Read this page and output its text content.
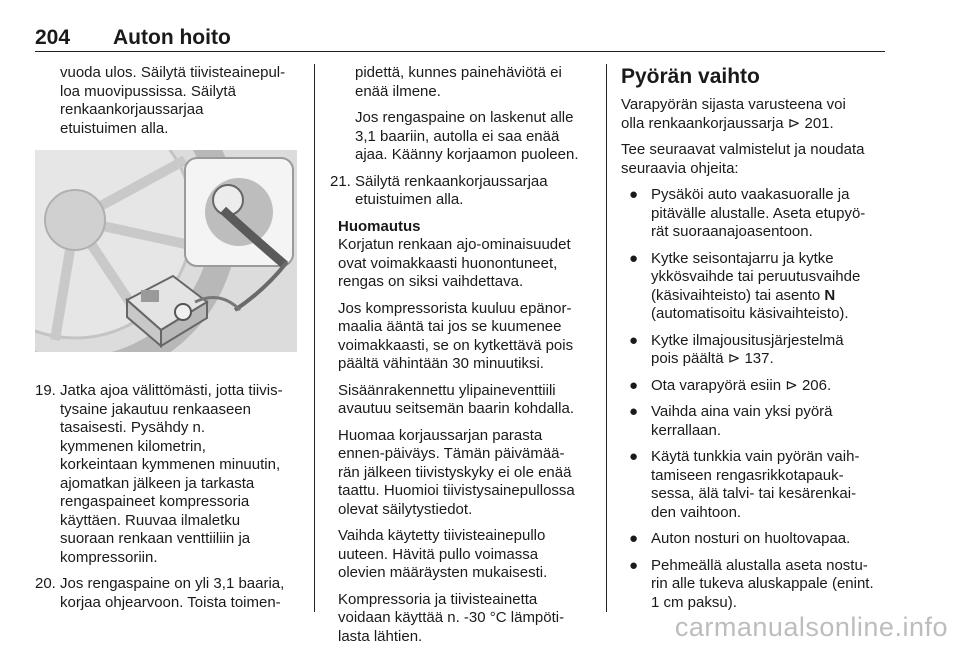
204 Auton hoito
vuoda ulos. Säilytä tiivisteainepul-
loa muovipussissa. Säilytä
renkaankorjaussarjaa
etuistuimen alla.
19. Jatka ajoa välittömästi, jotta tiivis-
tysaine jakautuu renkaaseen
tasaisesti. Pysähdy n.
kymmenen kilometrin,
korkeintaan kymmenen minuutin,
ajomatkan jälkeen ja tarkasta
rengaspaineet kompressoria
käyttäen. Ruuvaa ilmaletku
suoraan renkaan venttiiliin ja
kompressoriin.
20. Jos rengaspaine on yli 3,1 baaria,
korjaa ohjearvoon. Toista toimen-
pidettä, kunnes painehäviötä ei
enää ilmene.
Jos rengaspaine on laskenut alle
3,1 baariin, autolla ei saa enää
ajaa. Käänny korjaamon puoleen.
21. Säilytä renkaankorjaussarjaa
etuistuimen alla.
Huomautus

Korjatun renkaan ajo-ominaisuudet
ovat voimakkaasti huonontuneet,
rengas on siksi vaihdettava.

Jos kompressorista kuuluu epänor-
maalia ääntä tai jos se kuumenee
voimakkaasti, se on kytkettävä pois
päältä vähintään 30 minuutiksi.

Sisäänrakennettu ylipaineventtiili
avautuu seitsemän baarin kohdalla.

Huomaa korjaussarjan parasta
ennen-päiväys. Tämän päivämää-
rän jälkeen tiivistyskyky ei ole enää
taattu. Huomioi tiivistysainepullossa
olevat säilytystiedot.

Vaihda käytetty tiivisteainepullo
uuteen. Hävitä pullo voimassa
olevien määräysten mukaisesti.

Kompressoria ja tiivisteainetta
voidaan käyttää n. -30 °C lämpöti-
lasta lähtien.

Pyörän vaihto

Varapyörän sijasta varusteena voi
olla renkaankorjaussarja ⊳ 201.

Tee seuraavat valmistelut ja noudata
seuraavia ohjeita:

● Pysäköi auto vaakasuoralle ja
pitävälle alustalle. Aseta etupyö-
rät suoraanajoasentoon.
● Kytke seisontajarru ja kytke
ykkösvaihde tai peruutusvaihde
(käsivaihteisto) tai asento N
(automatisoitu käsivaihteisto).
● Kytke ilmajousitusjärjestelmä
pois päältä ⊳ 137.
● Ota varapyörä esiin ⊳ 206.
● Vaihda aina vain yksi pyörä
kerrallaan.
● Käytä tunkkia vain pyörän vaih-
tamiseen rengasrikkotapauk-
sessa, älä talvi- tai kesärenkai-
den vaihtoon.
● Auton nosturi on huoltovapaa.
● Pehmeällä alustalla aseta nostu-
rin alle tukeva aluskappale (enint.
1 cm paksu).
carmanualsonline.info
